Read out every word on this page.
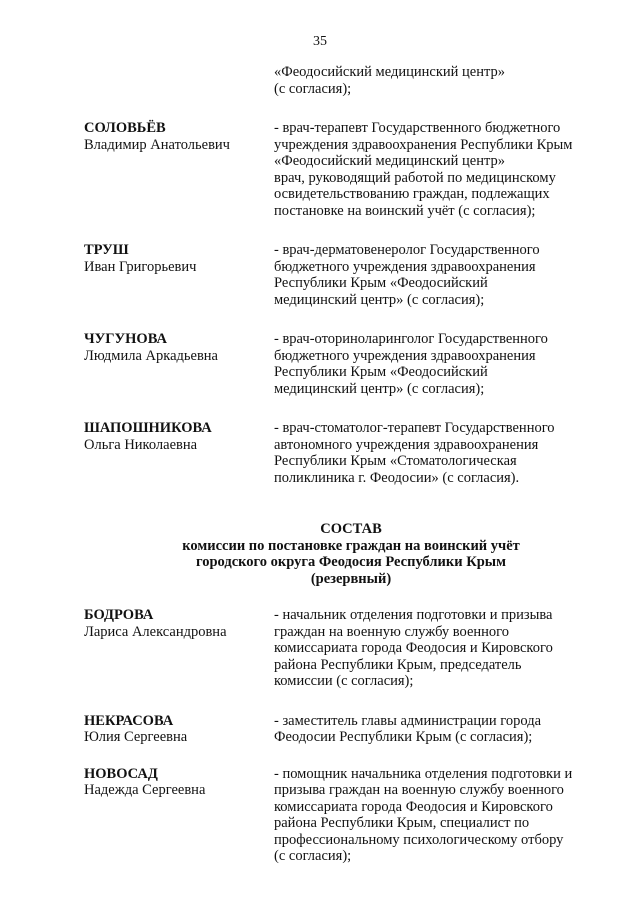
35
«Феодосийский медицинский центр»
(с согласия);
СОЛОВЬЁВ
Владимир Анатольевич
- врач-терапевт Государственного бюджетного
учреждения здравоохранения Республики Крым
«Феодосийский медицинский центр»
врач, руководящий работой по медицинскому
освидетельствованию граждан, подлежащих
постановке на воинский учёт (с согласия);
ТРУШ
Иван Григорьевич
- врач-дерматовенеролог Государственного
бюджетного учреждения здравоохранения
Республики Крым «Феодосийский
медицинский центр» (с согласия);
ЧУГУНОВА
Людмила Аркадьевна
- врач-оториноларинголог Государственного
бюджетного учреждения здравоохранения
Республики Крым «Феодосийский
медицинский центр» (с согласия);
ШАПОШНИКОВА
Ольга Николаевна
- врач-стоматолог-терапевт Государственного
автономного учреждения здравоохранения
Республики Крым «Стоматологическая
поликлиника г. Феодосии» (с согласия).
СОСТАВ
комиссии по постановке граждан на воинский учёт
городского округа Феодосия Республики Крым
(резервный)
БОДРОВА
Лариса Александровна
- начальник отделения подготовки и призыва
граждан на военную службу военного
комиссариата города Феодосия и Кировского
района Республики Крым, председатель
комиссии (с согласия);
НЕКРАСОВА
Юлия Сергеевна
- заместитель главы администрации города
Феодосии Республики Крым (с согласия);
НОВОСАД
Надежда Сергеевна
- помощник начальника отделения подготовки и
призыва граждан на военную службу военного
комиссариата города Феодосия и Кировского
района Республики Крым, специалист по
профессиональному психологическому отбору
(с согласия);
